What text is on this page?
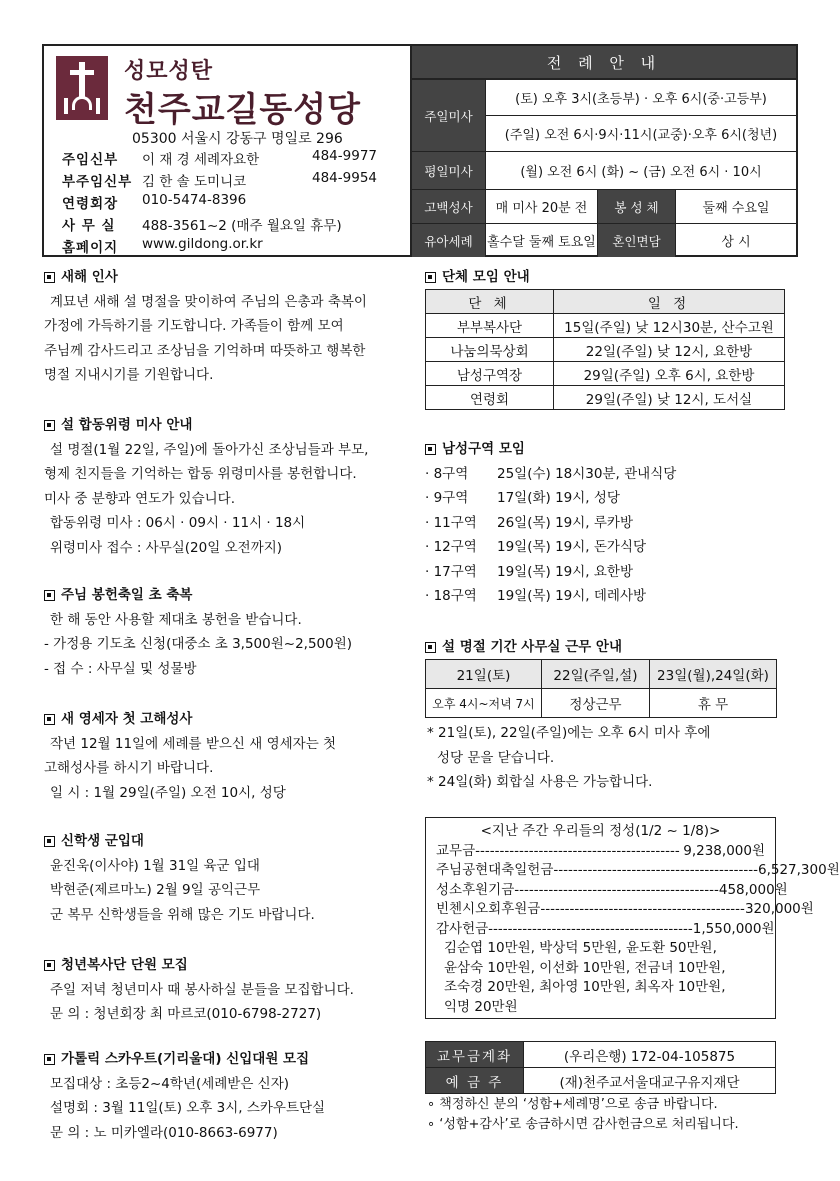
성모성탄
천주교길동성당
05300 서울시 강동구 명일로 296
주임신부	이 재 경 세례자요한	484-9977
부주임신부 김 한 솔 도미니코	484-9954
연령회장	010-5474-8396
사 무 실	488-3561~2 (매주 월요일 휴무)
홈페이지	www.gildong.or.kr
전 례 안 내
주일미사
(토) 오후 3시(초등부) · 오후 6시(중·고등부)
(주일) 오전 6시·9시·11시(교중)·오후 6시(청년)
평일미사	(월) 오전 6시 (화) ~ (금) 오전 6시 · 10시
고백성사	매 미사 20분 전	봉 성 체	둘째 수요일
유아세례	홀수달 둘째 토요일	혼인면담	상 시
새해 인사
계묘년 새해 설 명절을 맞이하여 주님의 은총과 축복이
가정에 가득하기를 기도합니다. 가족들이 함께 모여
주님께 감사드리고 조상님을 기억하며 따뜻하고 행복한
명절 지내시기를 기원합니다.
설 합동위령 미사 안내
설 명절(1월 22일, 주일)에 돌아가신 조상님들과 부모,
형제 친지들을 기억하는 합동 위령미사를 봉헌합니다.
미사 중 분향과 연도가 있습니다.
합동위령 미사 : 06시 · 09시 · 11시 · 18시
위령미사 접수 : 사무실(20일 오전까지)
주님 봉헌축일 초 축복
한 해 동안 사용할 제대초 봉헌을 받습니다.
- 가정용 기도초 신청(대중소 초 3,500원~2,500원)
- 접 수 : 사무실 및 성물방
새 영세자 첫 고해성사
작년 12월 11일에 세례를 받으신 새 영세자는 첫
고해성사를 하시기 바랍니다.
일 시 : 1월 29일(주일) 오전 10시, 성당
신학생 군입대
윤진욱(이사야) 1월 31일 육군 입대
박현준(제르마노) 2월 9일 공익근무
군 복무 신학생들을 위해 많은 기도 바랍니다.
청년복사단 단원 모집
주일 저녁 청년미사 때 봉사하실 분들을 모집합니다.
문 의 : 청년회장 최 마르코(010-6798-2727)
가톨릭 스카우트(기리울대) 신입대원 모집
모집대상 : 초등2~4학년(세례받은 신자)
설명회 : 3월 11일(토) 오후 3시, 스카우트단실
문 의 : 노 미카엘라(010-8663-6977)
단체 모임 안내
단 체	일 정
부부복사단	15일(주일) 낮 12시30분, 산수고원
나눔의묵상회	22일(주일) 낮 12시, 요한방
남성구역장	29일(주일) 오후 6시, 요한방
연령회	29일(주일) 낮 12시, 도서실
남성구역 모임
· 8구역	25일(수) 18시30분, 관내식당
· 9구역	17일(화) 19시, 성당
· 11구역	26일(목) 19시, 루카방
· 12구역	19일(목) 19시, 돈가식당
· 17구역	19일(목) 19시, 요한방
· 18구역	19일(목) 19시, 데레사방
설 명절 기간 사무실 근무 안내
21일(토)	22일(주일,설)	23일(월),24일(화)
오후 4시~저녁 7시	정상근무	휴 무
* 21일(토), 22일(주일)에는 오후 6시 미사 후에
성당 문을 닫습니다.
* 24일(화) 회합실 사용은 가능합니다.
<지난 주간 우리들의 정성(1/2 ~ 1/8)>
교무금 ------------------------------------------ 9,238,000원
주님공현대축일헌금 ------------------------------------------ 6,527,300원
성소후원기금 ------------------------------------------ 458,000원
빈첸시오회후원금 ------------------------------------------ 320,000원
감사헌금 ------------------------------------------ 1,550,000원
김순엽 10만원, 박상덕 5만원, 윤도환 50만원,
윤삼숙 10만원, 이선화 10만원, 전금녀 10만원,
조숙경 20만원, 최아영 10만원, 최옥자 10만원,
익명 20만원
교무금계좌	(우리은행) 172-04-105875
예 금 주	(재)천주교서울대교구유지재단
∘ 책정하신 분의 ‘성함+세례명’으로 송금 바랍니다.
∘ ‘성함+감사’로 송금하시면 감사헌금으로 처리됩니다.
